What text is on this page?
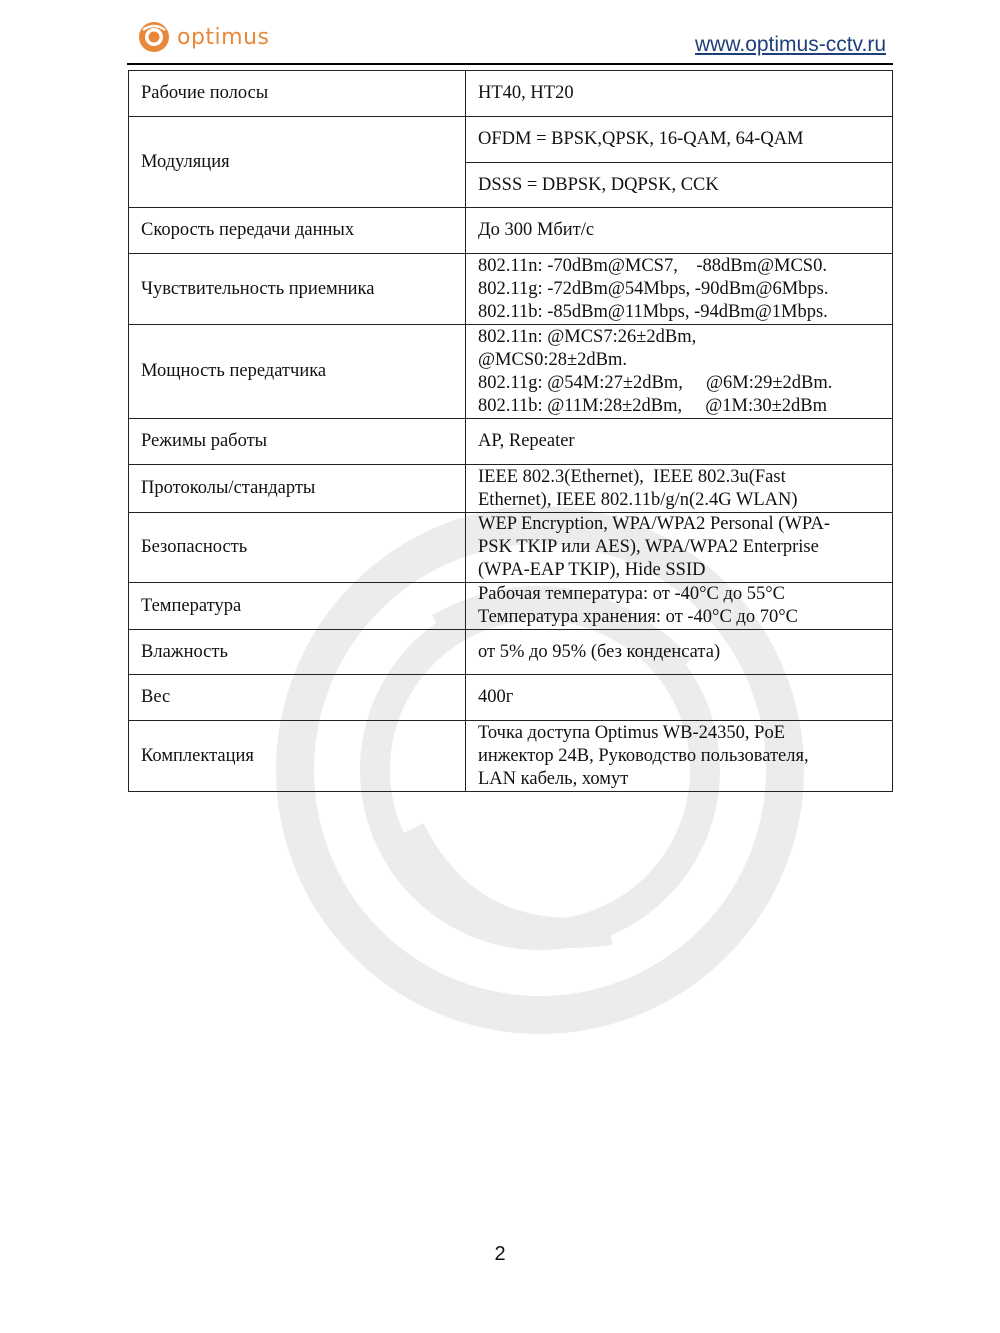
optimus	www.optimus-cctv.ru
Рабочие полосы	HT40, HT20
Модуляция	OFDM = BPSK,QPSK, 16-QAM, 64-QAM
	DSSS = DBPSK, DQPSK, CCK
Скорость передачи данных	До 300 Мбит/с
Чувствительность приемника	802.11n: -70dBm@MCS7,    -88dBm@MCS0.
802.11g: -72dBm@54Mbps, -90dBm@6Mbps.
802.11b: -85dBm@11Mbps, -94dBm@1Mbps.

Мощность передатчика	802.11n: @MCS7:26±2dBm,
@MCS0:28±2dBm.
802.11g: @54M:27±2dBm,     @6M:29±2dBm.
802.11b: @11M:28±2dBm,     @1M:30±2dBm

Режимы работы	AP, Repeater
Протоколы/стандарты	IEEE 802.3(Ethernet),  IEEE 802.3u(Fast
Ethernet), IEEE 802.11b/g/n(2.4G WLAN)

Безопасность	WEP Encryption, WPA/WPA2 Personal (WPA-
PSK TKIP или AES), WPA/WPA2 Enterprise
(WPA-EAP TKIP), Hide SSID

Температура	Рабочая температура: от -40°C до 55°C
Температура хранения: от -40°C до 70°C

Влажность	от 5% до 95% (без конденсата)
Вес	400г
Комплектация	Точка доступа Optimus WB-24350, PoE
инжектор 24В, Руководство пользователя,
LAN кабель, хомут
2
